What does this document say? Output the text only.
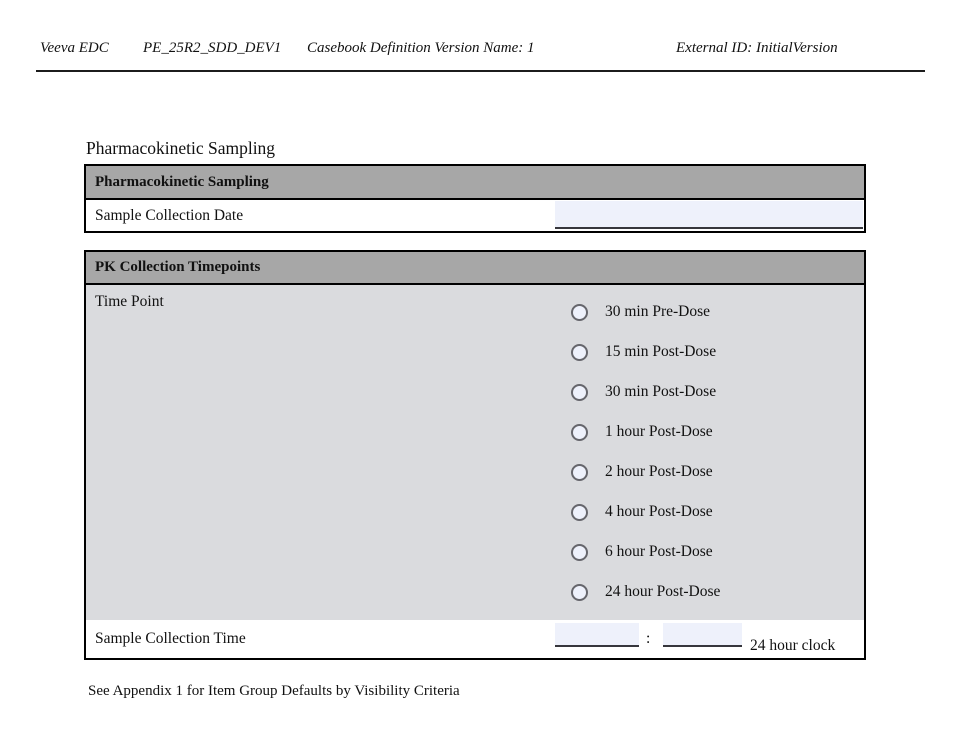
Veeva EDC PE_25R2_SDD_DEV1 Casebook Definition Version Name: 1	External ID: InitialVersion
Pharmacokinetic Sampling
Pharmacokinetic Sampling
Sample Collection Date
PK Collection Timepoints
Time Point
30 min Pre-Dose
15 min Post-Dose
30 min Post-Dose
1 hour Post-Dose
2 hour Post-Dose
4 hour Post-Dose
6 hour Post-Dose
24 hour Post-Dose
Sample Collection Time	:	24 hour clock

See Appendix 1 for Item Group Defaults by Visibility Criteria
